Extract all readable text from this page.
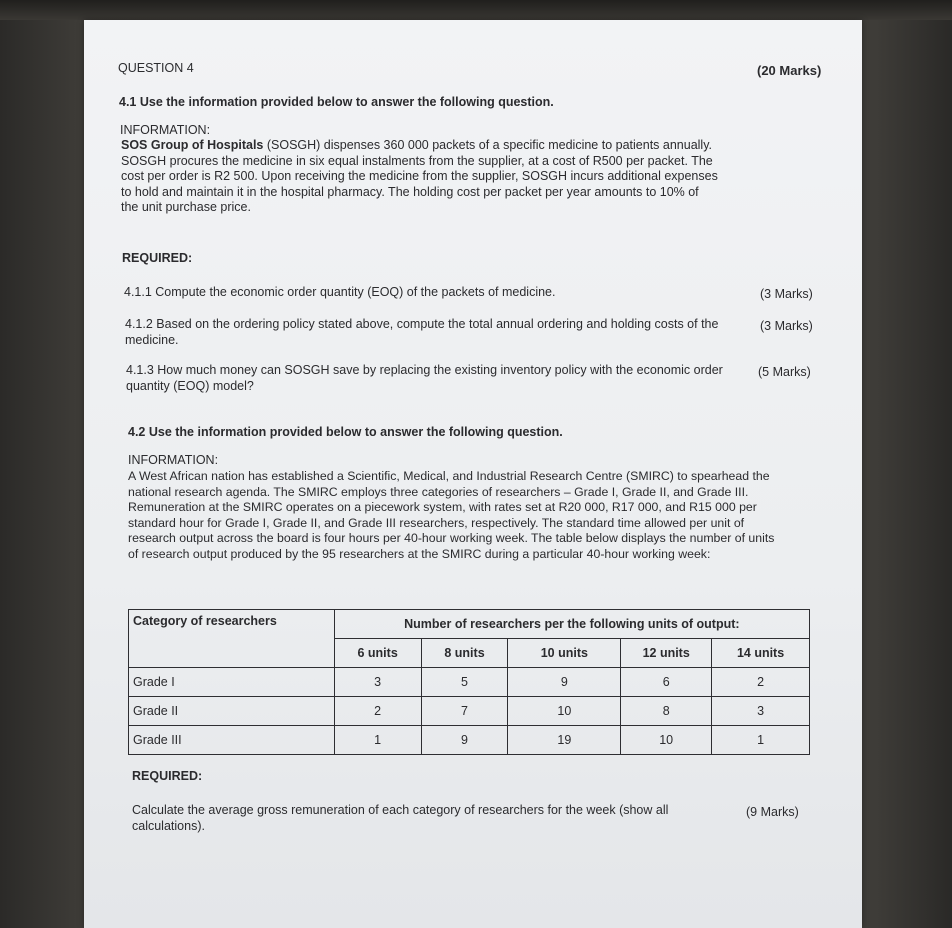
QUESTION 4	(20 Marks)
4.1 Use the information provided below to answer the following question.
INFORMATION:
SOS Group of Hospitals (SOSGH) dispenses 360 000 packets of a specific medicine to patients annually.
SOSGH procures the medicine in six equal instalments from the supplier, at a cost of R500 per packet. The
cost per order is R2 500. Upon receiving the medicine from the supplier, SOSGH incurs additional expenses
to hold and maintain it in the hospital pharmacy. The holding cost per packet per year amounts to 10% of
the unit purchase price.
REQUIRED:
4.1.1 Compute the economic order quantity (EOQ) of the packets of medicine.	(3 Marks)
4.1.2 Based on the ordering policy stated above, compute the total annual ordering and holding costs of the
medicine.
(3 Marks)
4.1.3 How much money can SOSGH save by replacing the existing inventory policy with the economic order
quantity (EOQ) model?
(5 Marks)
4.2 Use the information provided below to answer the following question.
INFORMATION:
A West African nation has established a Scientific, Medical, and Industrial Research Centre (SMIRC) to spearhead the
national research agenda. The SMIRC employs three categories of researchers – Grade I, Grade II, and Grade III.
Remuneration at the SMIRC operates on a piecework system, with rates set at R20 000, R17 000, and R15 000 per
standard hour for Grade I, Grade II, and Grade III researchers, respectively. The standard time allowed per unit of
research output across the board is four hours per 40-hour working week. The table below displays the number of units
of research output produced by the 95 researchers at the SMIRC during a particular 40-hour working week:
Category of researchers	Number of researchers per the following units of output:				
	6 units	8 units	10 units	12 units	14 units
Grade I	3	5	9	6	2
Grade II	2	7	10	8	3
Grade III	1	9	19	10	1
REQUIRED:
Calculate the average gross remuneration of each category of researchers for the week (show all
calculations).
(9 Marks)
